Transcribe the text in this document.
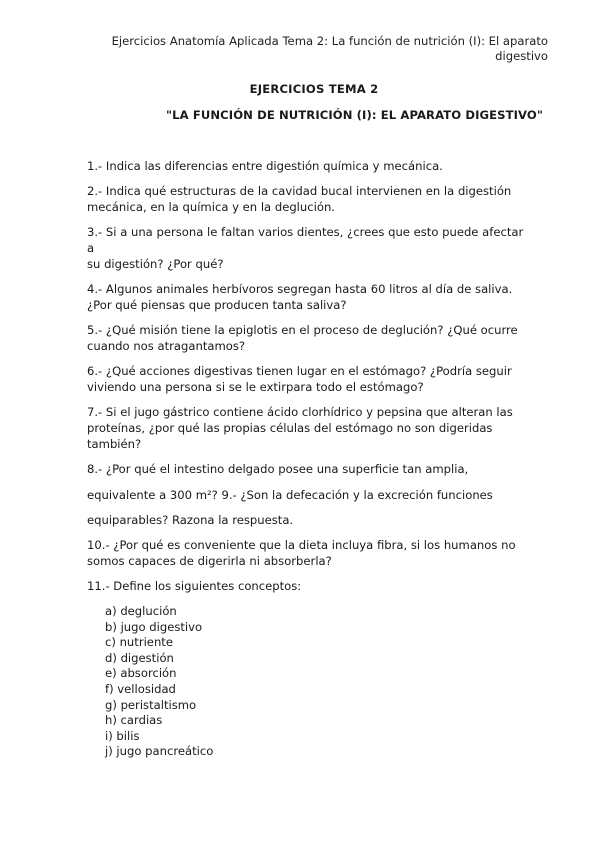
Ejercicios Anatomía Aplicada Tema 2: La función de nutrición (I): El aparato
digestivo
EJERCICIOS TEMA 2
"LA FUNCIÓN DE NUTRICIÓN (I): EL APARATO DIGESTIVO"
1.- Indica las diferencias entre digestión química y mecánica.
2.- Indica qué estructuras de la cavidad bucal intervienen en la digestión
mecánica, en la química y en la deglución.
3.- Si a una persona le faltan varios dientes, ¿crees que esto puede afectar a
su digestión? ¿Por qué?
4.- Algunos animales herbívoros segregan hasta 60 litros al día de saliva.
¿Por qué piensas que producen tanta saliva?
5.- ¿Qué misión tiene la epiglotis en el proceso de deglución? ¿Qué ocurre
cuando nos atragantamos?
6.- ¿Qué acciones digestivas tienen lugar en el estómago? ¿Podría seguir
viviendo una persona si se le extirpara todo el estómago?
7.- Si el jugo gástrico contiene ácido clorhídrico y pepsina que alteran las
proteínas, ¿por qué las propias células del estómago no son digeridas
también?
8.- ¿Por qué el intestino delgado posee una superficie tan amplia,
equivalente a 300 m²? 9.- ¿Son la defecación y la excreción funciones
equiparables? Razona la respuesta.
10.- ¿Por qué es conveniente que la dieta incluya fibra, si los humanos no
somos capaces de digerirla ni absorberla?
11.- Define los siguientes conceptos:
a) deglución
b) jugo digestivo
c) nutriente
d) digestión
e) absorción
f) vellosidad
g) peristaltismo
h) cardias
i) bilis
j) jugo pancreático
